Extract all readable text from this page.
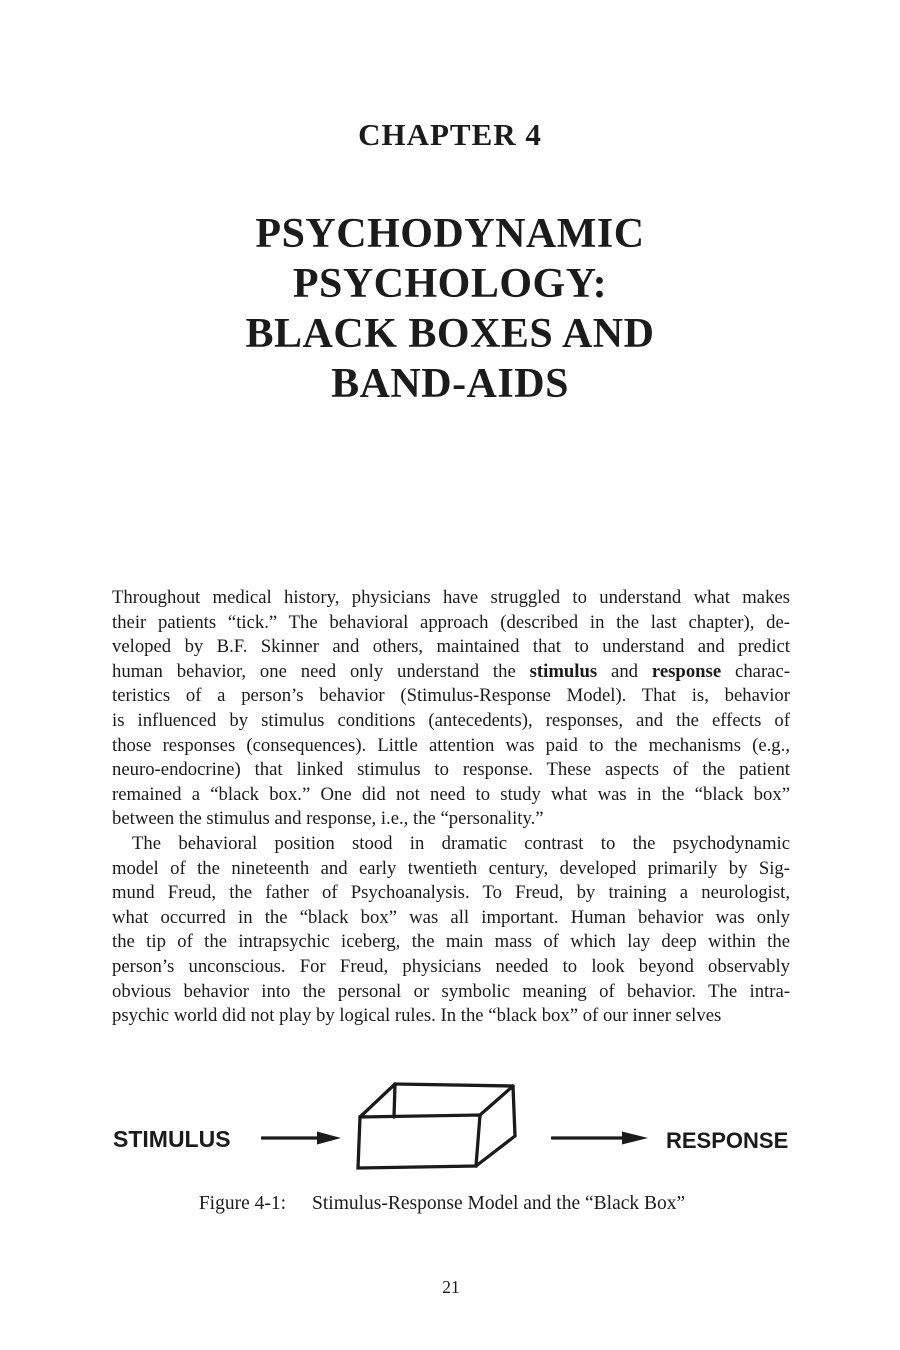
CHAPTER 4
PSYCHODYNAMIC
PSYCHOLOGY:
BLACK BOXES AND
BAND-AIDS
Throughout medical history, physicians have struggled to understand what makes
their patients “tick.” The behavioral approach (described in the last chapter), de-
veloped by B.F. Skinner and others, maintained that to understand and predict
human behavior, one need only understand the stimulus and response charac-
teristics of a person’s behavior (Stimulus-Response Model). That is, behavior
is influenced by stimulus conditions (antecedents), responses, and the effects of
those responses (consequences). Little attention was paid to the mechanisms (e.g.,
neuro-endocrine) that linked stimulus to response. These aspects of the patient
remained a “black box.” One did not need to study what was in the “black box”
between the stimulus and response, i.e., the “personality.”
The behavioral position stood in dramatic contrast to the psychodynamic
model of the nineteenth and early twentieth century, developed primarily by Sig-
mund Freud, the father of Psychoanalysis. To Freud, by training a neurologist,
what occurred in the “black box” was all important. Human behavior was only
the tip of the intrapsychic iceberg, the main mass of which lay deep within the
person’s unconscious. For Freud, physicians needed to look beyond observably
obvious behavior into the personal or symbolic meaning of behavior. The intra-
psychic world did not play by logical rules. In the “black box” of our inner selves
STIMULUS	RESPONSE
Figure 4-1: Stimulus-Response Model and the “Black Box”
21
